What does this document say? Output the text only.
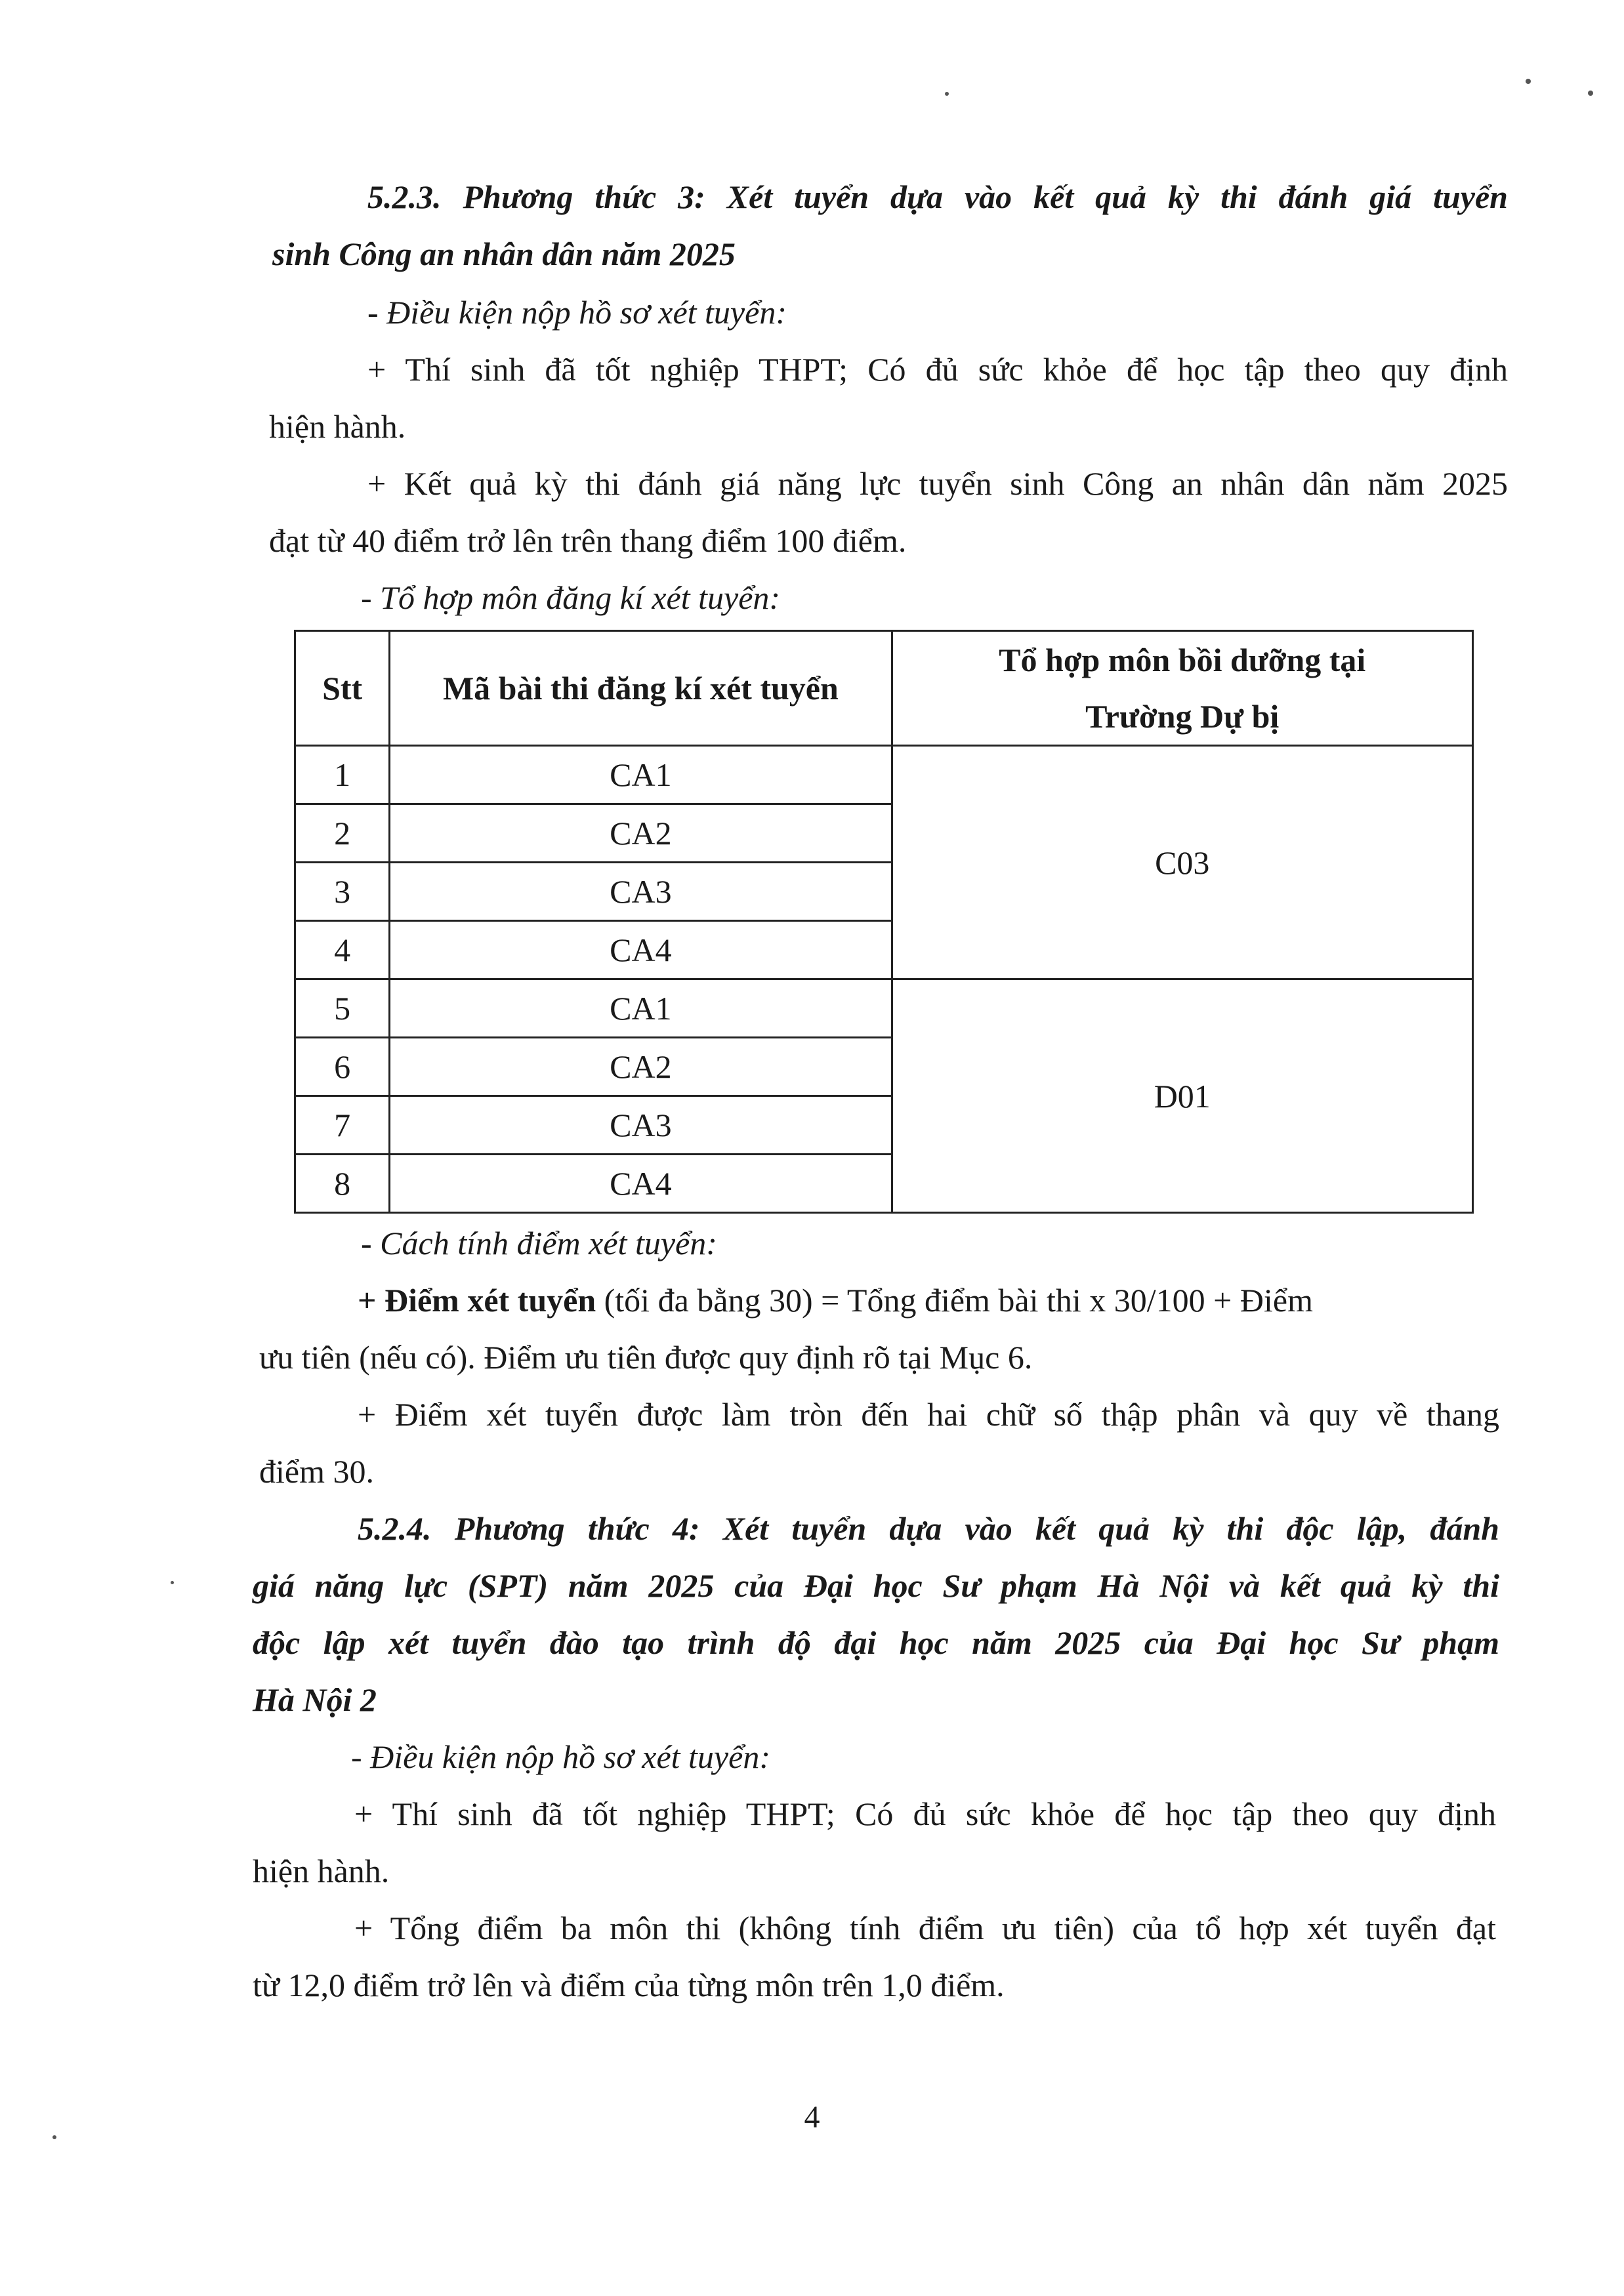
5.2.3. Phương thức 3: Xét tuyển dựa vào kết quả kỳ thi đánh giá tuyển
sinh Công an nhân dân năm 2025
- Điều kiện nộp hồ sơ xét tuyển:
+ Thí sinh đã tốt nghiệp THPT; Có đủ sức khỏe để học tập theo quy định
hiện hành.
+ Kết quả kỳ thi đánh giá năng lực tuyển sinh Công an nhân dân năm 2025
đạt từ 40 điểm trở lên trên thang điểm 100 điểm.
- Tổ hợp môn đăng kí xét tuyển:
Stt	Mã bài thi đăng kí xét tuyển	Tổ hợp môn bồi dưỡng tại
Trường Dự bị

1	CA1	C03
2	CA2	
3	CA3	
4	CA4	
5	CA1	D01
6	CA2	
7	CA3	
8	CA4	
- Cách tính điểm xét tuyển:
+ Điểm xét tuyển (tối đa bằng 30) = Tổng điểm bài thi x 30/100 + Điểm
ưu tiên (nếu có). Điểm ưu tiên được quy định rõ tại Mục 6.
+ Điểm xét tuyển được làm tròn đến hai chữ số thập phân và quy về thang
điểm 30.
5.2.4. Phương thức 4: Xét tuyển dựa vào kết quả kỳ thi độc lập, đánh
giá năng lực (SPT) năm 2025 của Đại học Sư phạm Hà Nội và kết quả kỳ thi
độc lập xét tuyển đào tạo trình độ đại học năm 2025 của Đại học Sư phạm
Hà Nội 2
- Điều kiện nộp hồ sơ xét tuyển:
+ Thí sinh đã tốt nghiệp THPT; Có đủ sức khỏe để học tập theo quy định
hiện hành.
+ Tổng điểm ba môn thi (không tính điểm ưu tiên) của tổ hợp xét tuyển đạt
từ 12,0 điểm trở lên và điểm của từng môn trên 1,0 điểm.
4
